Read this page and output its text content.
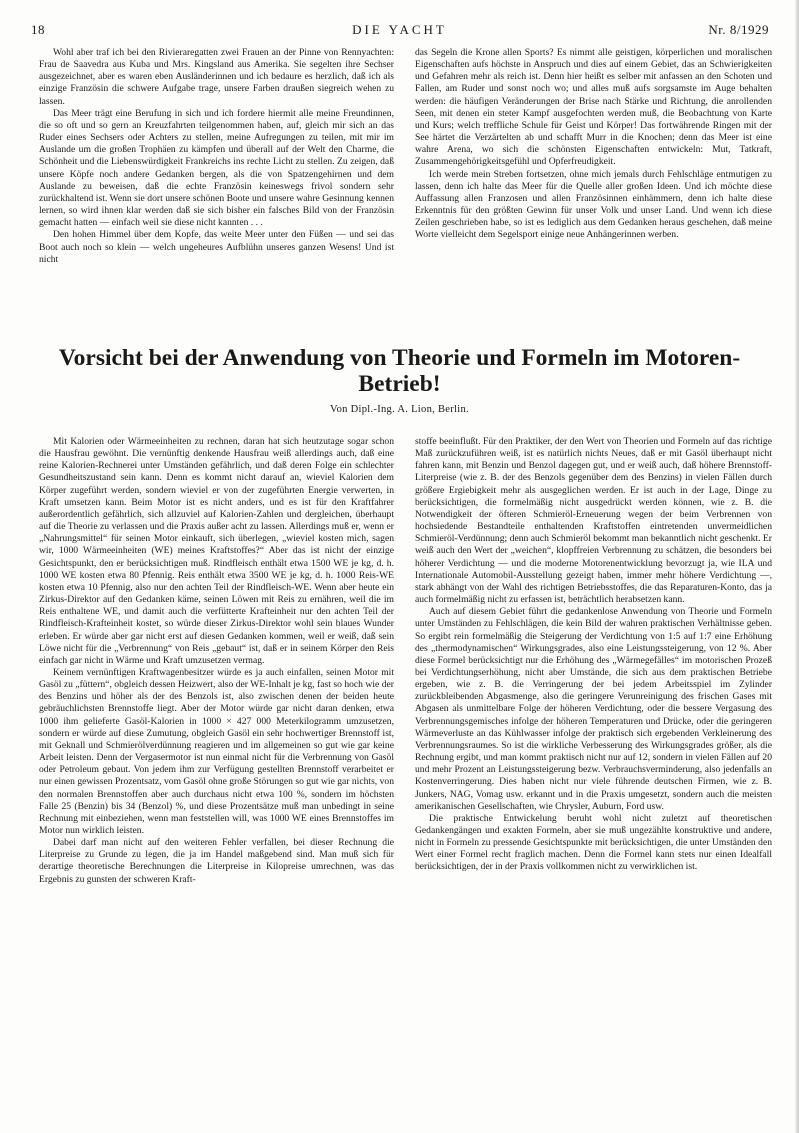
18	DIE YACHT	Nr. 8/1929

Wohl aber traf ich bei den Rivieraregatten zwei Frauen an der Pinne von Rennyachten: Frau de Saavedra aus Kuba und Mrs. Kingsland aus Amerika. Sie segelten ihre Sechser ausgezeichnet, aber es waren eben Ausländerinnen und ich bedaure es herzlich, daß ich als einzige Französin die schwere Aufgabe trage, unsere Farben draußen siegreich wehen zu lassen.

Das Meer trägt eine Berufung in sich und ich fordere hiermit alle meine Freundinnen, die so oft und so gern an Kreuzfahrten teilgenommen haben, auf, gleich mir sich an das Ruder eines Sechsers oder Achters zu stellen, meine Aufregungen zu teilen, mit mir im Auslande um die großen Trophäen zu kämpfen und überall auf der Welt den Charme, die Schönheit und die Liebenswürdigkeit Frankreichs ins rechte Licht zu stellen. Zu zeigen, daß unsere Köpfe noch andere Gedanken bergen, als die von Spatzengehirnen und dem Auslande zu beweisen, daß die echte Französin keineswegs frivol sondern sehr zurückhaltend ist. Wenn sie dort unsere schönen Boote und unsere wahre Gesinnung kennen lernen, so wird ihnen klar werden daß sie sich bisher ein falsches Bild von der Französin gemacht hatten — einfach weil sie diese nicht kannten . . .

Den hohen Himmel über dem Kopfe, das weite Meer unter den Füßen — und sei das Boot auch noch so klein — welch ungeheures Aufblühn unseres ganzen Wesens! Und ist nicht

das Segeln die Krone allen Sports? Es nimmt alle geistigen, körperlichen und moralischen Eigenschaften aufs höchste in Anspruch und dies auf einem Gebiet, das an Schwierigkeiten und Gefahren mehr als reich ist. Denn hier heißt es selber mit anfassen an den Schoten und Fallen, am Ruder und sonst noch wo; und alles muß aufs sorgsamste im Auge behalten werden: die häufigen Veränderungen der Brise nach Stärke und Richtung, die anrollenden Seen, mit denen ein steter Kampf ausgefochten werden muß, die Beobachtung von Karte und Kurs; welch treffliche Schule für Geist und Körper! Das fortwährende Ringen mit der See härtet die Verzärtelten ab und schafft Murr in die Knochen; denn das Meer ist eine wahre Arena, wo sich die schönsten Eigenschaften entwickeln: Mut, Tatkraft, Zusammengehörigkeitsgefühl und Opferfreudigkeit.

Ich werde mein Streben fortsetzen, ohne mich jemals durch Fehlschläge entmutigen zu lassen, denn ich halte das Meer für die Quelle aller großen Ideen. Und ich möchte diese Auffassung allen Franzosen und allen Französinnen einhämmern, denn ich halte diese Erkenntnis für den größten Gewinn für unser Volk und unser Land. Und wenn ich diese Zeilen geschrieben habe, so ist es lediglich aus dem Gedanken heraus geschehen, daß meine Worte vielleicht dem Segelsport einige neue Anhängerinnen werben.

Vorsicht bei der Anwendung von Theorie und Formeln im Motoren-Betrieb!
Von Dipl.-Ing. A. Lion, Berlin.

Mit Kalorien oder Wärmeeinheiten zu rechnen, daran hat sich heutzutage sogar schon die Hausfrau gewöhnt. Die vernünftig denkende Hausfrau weiß allerdings auch, daß eine reine Kalorien-Rechnerei unter Umständen gefährlich, und daß deren Folge ein schlechter Gesundheitszustand sein kann. Denn es kommt nicht darauf an, wieviel Kalorien dem Körper zugeführt werden, sondern wieviel er von der zugeführten Energie verwerten, in Kraft umsetzen kann. Beim Motor ist es nicht anders, und es ist für den Kraftfahrer außerordentlich gefährlich, sich allzuviel auf Kalorien-Zahlen und dergleichen, überhaupt auf die Theorie zu verlassen und die Praxis außer acht zu lassen. Allerdings muß er, wenn er „Nahrungsmittel“ für seinen Motor einkauft, sich überlegen, „wieviel kosten mich, sagen wir, 1000 Wärmeeinheiten (WE) meines Kraftstoffes?“ Aber das ist nicht der einzige Gesichtspunkt, den er berücksichtigen muß. Rindfleisch enthält etwa 1500 WE je kg, d. h. 1000 WE kosten etwa 80 Pfennig. Reis enthält etwa 3500 WE je kg, d. h. 1000 Reis-WE kosten etwa 10 Pfennig, also nur den achten Teil der Rindfleisch-WE. Wenn aber heute ein Zirkus-Direktor auf den Gedanken käme, seinen Löwen mit Reis zu ernähren, weil die im Reis enthaltene WE, und damit auch die verfütterte Krafteinheit nur den achten Teil der Rindfleisch-Krafteinheit kostet, so würde dieser Zirkus-Direktor wohl sein blaues Wunder erleben. Er würde aber gar nicht erst auf diesen Gedanken kommen, weil er weiß, daß sein Löwe nicht für die „Verbrennung“ von Reis „gebaut“ ist, daß er in seinem Körper den Reis einfach gar nicht in Wärme und Kraft umzusetzen vermag.

Keinem vernünftigen Kraftwagenbesitzer würde es ja auch einfallen, seinen Motor mit Gasöl zu „füttern“, obgleich dessen Heizwert, also der WE-Inhalt je kg, fast so hoch wie der des Benzins und höher als der des Benzols ist, also zwischen denen der beiden heute gebräuchlichsten Brennstoffe liegt. Aber der Motor würde gar nicht daran denken, etwa 1000 ihm gelieferte Gasöl-Kalorien in 1000 × 427 000 Meterkilogramm umzusetzen, sondern er würde auf diese Zumutung, obgleich Gasöl ein sehr hochwertiger Brennstoff ist, mit Geknall und Schmierölverdünnung reagieren und im allgemeinen so gut wie gar keine Arbeit leisten. Denn der Vergasermotor ist nun einmal nicht für die Verbrennung von Gasöl oder Petroleum gebaut. Von jedem ihm zur Verfügung gestellten Brennstoff verarbeitet er nur einen gewissen Prozentsatz, vom Gasöl ohne große Störungen so gut wie gar nichts, von den normalen Brennstoffen aber auch durchaus nicht etwa 100 %, sondern im höchsten Falle 25 (Benzin) bis 34 (Benzol) %, und diese Prozentsätze muß man unbedingt in seine Rechnung mit einbeziehen, wenn man feststellen will, was 1000 WE eines Brennstoffes im Motor nun wirklich leisten.

Dabei darf man nicht auf den weiteren Fehler verfallen, bei dieser Rechnung die Literpreise zu Grunde zu legen, die ja im Handel maßgebend sind. Man muß sich für derartige theoretische Berechnungen die Literpreise in Kilopreise umrechnen, was das Ergebnis zu gunsten der schweren Kraft-

stoffe beeinflußt. Für den Praktiker, der den Wert von Theorien und Formeln auf das richtige Maß zurückzuführen weiß, ist es natürlich nichts Neues, daß er mit Gasöl überhaupt nicht fahren kann, mit Benzin und Benzol dagegen gut, und er weiß auch, daß höhere Brennstoff-Literpreise (wie z. B. der des Benzols gegenüber dem des Benzins) in vielen Fällen durch größere Ergiebigkeit mehr als ausgeglichen werden. Er ist auch in der Lage, Dinge zu berücksichtigen, die formelmäßig nicht ausgedrückt werden können, wie z. B. die Notwendigkeit der öfteren Schmieröl-Erneuerung wegen der beim Verbrennen von hochsiedende Bestandteile enthaltenden Kraftstoffen eintretenden unvermeidlichen Schmieröl-Verdünnung; denn auch Schmieröl bekommt man bekanntlich nicht geschenkt. Er weiß auch den Wert der „weichen“, klopffreien Verbrennung zu schätzen, die besonders bei höherer Verdichtung — und die moderne Motorenentwicklung bevorzugt ja, wie ILA und Internationale Automobil-Ausstellung gezeigt haben, immer mehr höhere Verdichtung —, stark abhängt von der Wahl des richtigen Betriebsstoffes, die das Reparaturen-Konto, das ja auch formelmäßig nicht zu erfassen ist, beträchtlich herabsetzen kann.

Auch auf diesem Gebiet führt die gedankenlose Anwendung von Theorie und Formeln unter Umständen zu Fehlschlägen, die kein Bild der wahren praktischen Verhältnisse geben. So ergibt rein formelmäßig die Steigerung der Verdichtung von 1:5 auf 1:7 eine Erhöhung des „thermodynamischen“ Wirkungsgrades, also eine Leistungssteigerung, von 12 %. Aber diese Formel berücksichtigt nur die Erhöhung des „Wärmegefälles“ im motorischen Prozeß bei Verdichtungserhöhung, nicht aber Umstände, die sich aus dem praktischen Betriebe ergeben, wie z. B. die Verringerung der bei jedem Arbeitsspiel im Zylinder zurückbleibenden Abgasmenge, also die geringere Verunreinigung des frischen Gases mit Abgasen als unmittelbare Folge der höheren Verdichtung, oder die bessere Vergasung des Verbrennungsgemisches infolge der höheren Temperaturen und Drücke, oder die geringeren Wärmeverluste an das Kühlwasser infolge der praktisch sich ergebenden Verkleinerung des Verbrennungsraumes. So ist die wirkliche Verbesserung des Wirkungsgrades größer, als die Rechnung ergibt, und man kommt praktisch nicht nur auf 12, sondern in vielen Fällen auf 20 und mehr Prozent an Leistungssteigerung bezw. Verbrauchsverminderung, also jedenfalls an Kostenverringerung. Dies haben nicht nur viele führende deutschen Firmen, wie z. B. Junkers, NAG, Vomag usw. erkannt und in die Praxis umgesetzt, sondern auch die meisten amerikanischen Gesellschaften, wie Chrysler, Auburn, Ford usw.

Die praktische Entwickelung beruht wohl nicht zuletzt auf theoretischen Gedankengängen und exakten Formeln, aber sie muß ungezählte konstruktive und andere, nicht in Formeln zu pressende Gesichtspunkte mit berücksichtigen, die unter Umständen den Wert einer Formel recht fraglich machen. Denn die Formel kann stets nur einen Idealfall berücksichtigen, der in der Praxis vollkommen nicht zu verwirklichen ist.
